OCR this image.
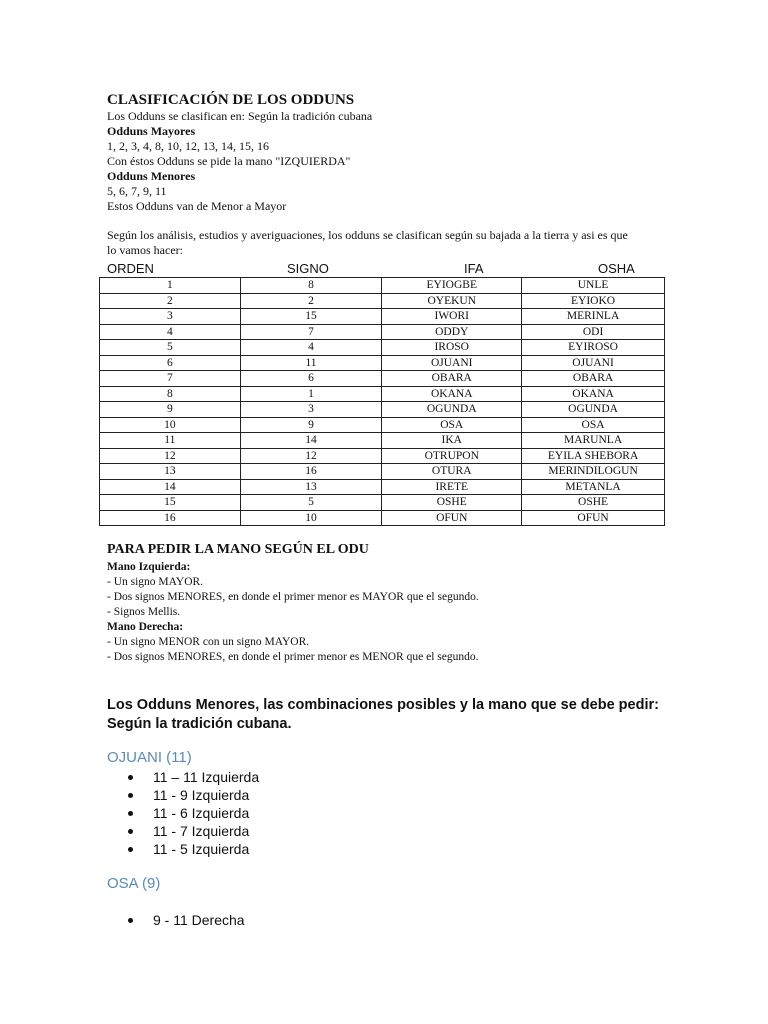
CLASIFICACIÓN DE LOS ODDUNS

Los Odduns se clasifican en: Según la tradición cubana

Odduns Mayores

1, 2, 3, 4, 8, 10, 12, 13, 14, 15, 16

Con éstos Odduns se pide la mano "IZQUIERDA"

Odduns Menores

5, 6, 7, 9, 11

Estos Odduns van de Menor a Mayor

Según los análisis, estudios y averiguaciones, los odduns se clasifican según su bajada a la tierra y asi es que

lo vamos hacer:

ORDEN	SIGNO	IFA	OSHA
1	8	EYIOGBE	UNLE
2	2	OYEKUN	EYIOKO
3	15	IWORI	MERINLA
4	7	ODDY	ODI
5	4	IROSO	EYIROSO
6	11	OJUANI	OJUANI
7	6	OBARA	OBARA
8	1	OKANA	OKANA
9	3	OGUNDA	OGUNDA
10	9	OSA	OSA
11	14	IKA	MARUNLA
12	12	OTRUPON	EYILA SHEBORA
13	16	OTURA	MERINDILOGUN
14	13	IRETE	METANLA
15	5	OSHE	OSHE
16	10	OFUN	OFUN

PARA PEDIR LA MANO SEGÚN EL ODU

Mano Izquierda:

- Un signo MAYOR.

- Dos signos MENORES, en donde el primer menor es MAYOR que el segundo.

- Signos Mellis.

Mano Derecha:

- Un signo MENOR con un signo MAYOR.

- Dos signos MENORES, en donde el primer menor es MENOR que el segundo.

Los Odduns Menores, las combinaciones posibles y la mano que se debe pedir: Según la tradición cubana.
OJUANI (11)
11 – 11 Izquierda
11 - 9 Izquierda
11 - 6 Izquierda
11 - 7 Izquierda
11 - 5 Izquierda
OSA (9)
9 - 11 Derecha
